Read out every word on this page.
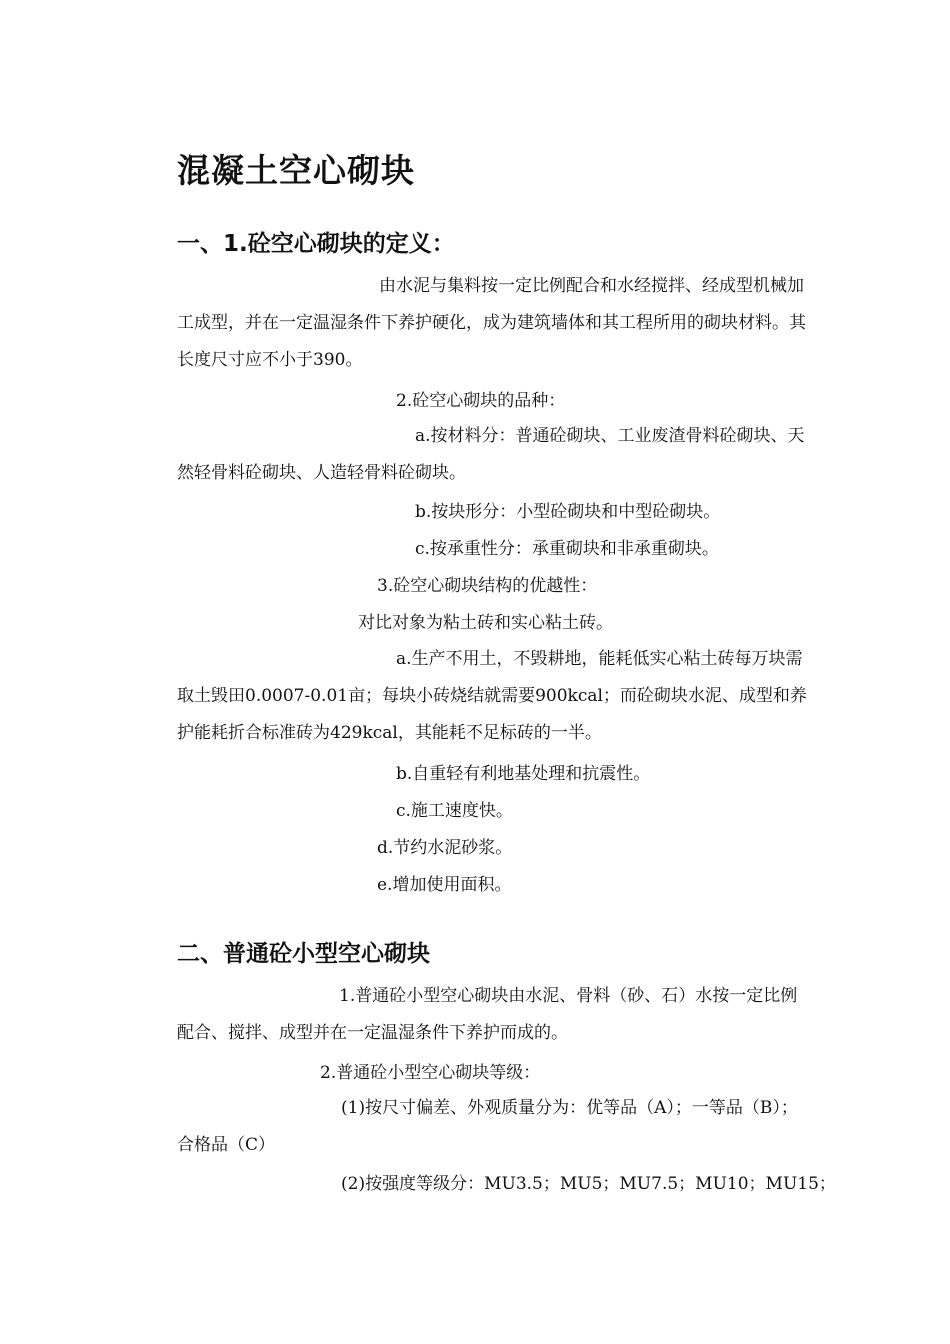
混凝土空心砌块
一、1.砼空心砌块的定义：
由水泥与集料按一定比例配合和水经搅拌、经成型机械加工成型，并在一定温湿条件下养护硬化，成为建筑墙体和其工程所用的砌块材料。其长度尺寸应不小于390。
2.砼空心砌块的品种：
a.按材料分：普通砼砌块、工业废渣骨料砼砌块、天然轻骨料砼砌块、人造轻骨料砼砌块。
b.按块形分：小型砼砌块和中型砼砌块。
c.按承重性分：承重砌块和非承重砌块。
3.砼空心砌块结构的优越性：
对比对象为粘土砖和实心粘土砖。
a.生产不用土，不毁耕地，能耗低实心粘土砖每万块需取土毁田0.0007-0.01亩；每块小砖烧结就需要900kcal；而砼砌块水泥、成型和养护能耗折合标准砖为429kcal，其能耗不足标砖的一半。
b.自重轻有利地基处理和抗震性。
c.施工速度快。
d.节约水泥砂浆。
e.增加使用面积。
二、普通砼小型空心砌块
1.普通砼小型空心砌块由水泥、骨料（砂、石）水按一定比例配合、搅拌、成型并在一定温湿条件下养护而成的。
2.普通砼小型空心砌块等级：
(1)按尺寸偏差、外观质量分为：优等品（A）；一等品（B）；合格品（C）
(2)按强度等级分：MU3.5；MU5；MU7.5；MU10；MU15；
